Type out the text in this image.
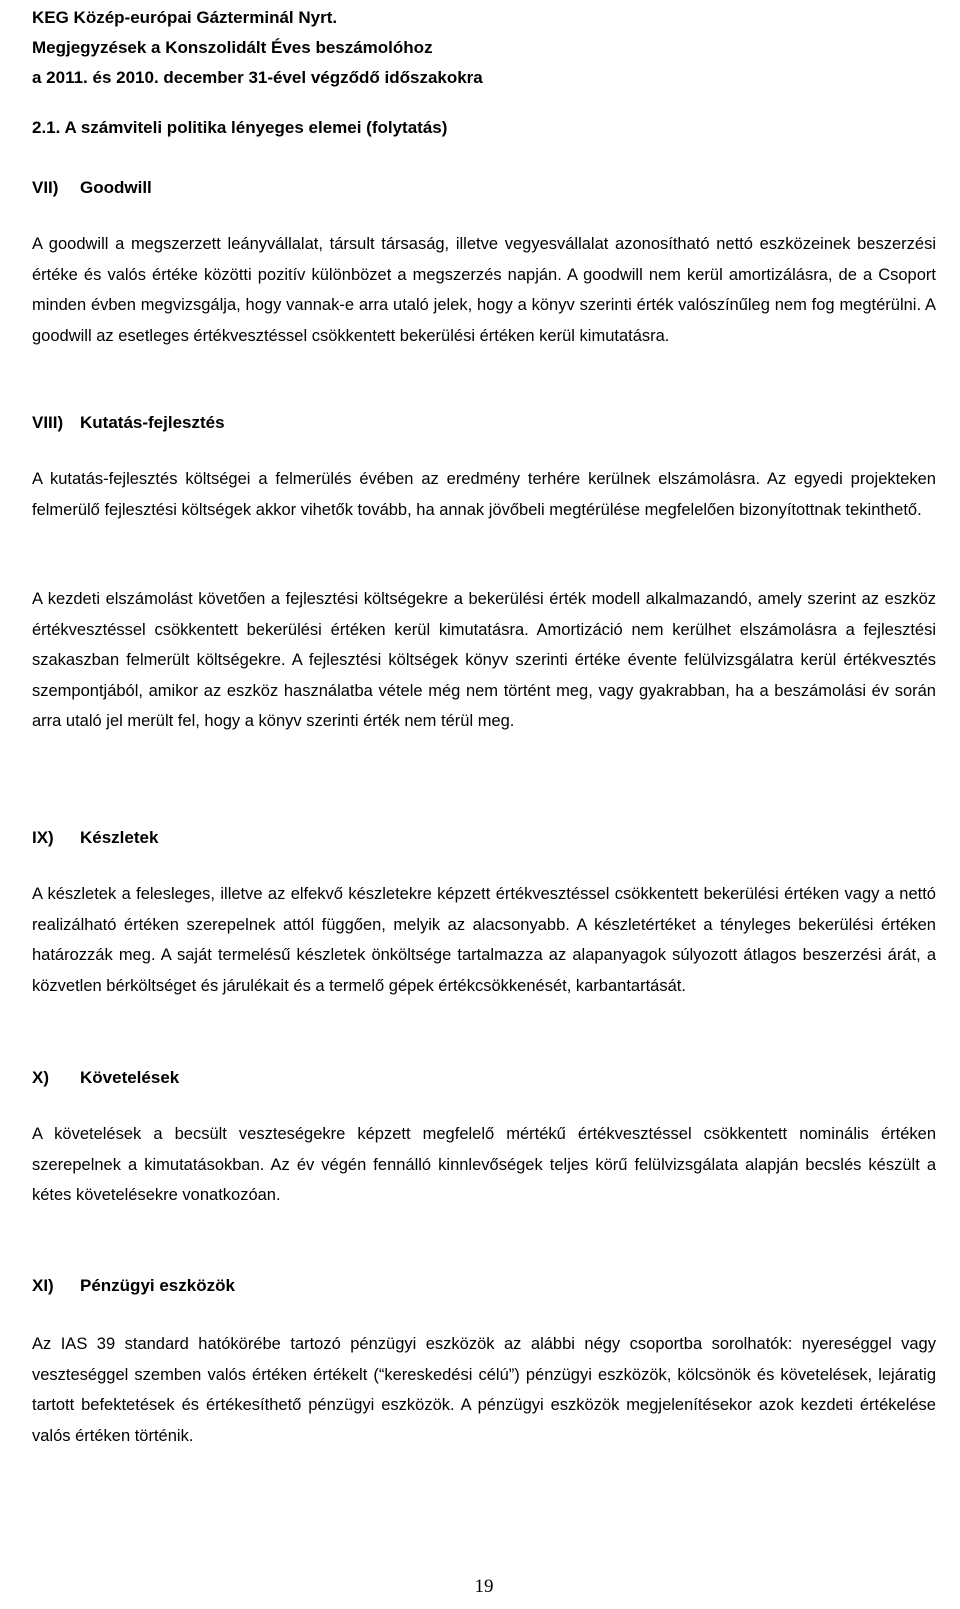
KEG Közép-európai Gázterminál Nyrt.
Megjegyzések a Konszolidált Éves beszámolóhoz
a 2011. és 2010. december 31-ével végződő időszakokra
2.1. A számviteli politika lényeges elemei (folytatás)
VII) Goodwill

A goodwill a megszerzett leányvállalat, társult társaság, illetve vegyesvállalat azonosítható nettó eszközeinek beszerzési értéke és valós értéke közötti pozitív különbözet a megszerzés napján. A goodwill nem kerül amortizálásra, de a Csoport minden évben megvizsgálja, hogy vannak-e arra utaló jelek, hogy a könyv szerinti érték valószínűleg nem fog megtérülni. A goodwill az esetleges értékvesztéssel csökkentett bekerülési értéken kerül kimutatásra.

VIII) Kutatás-fejlesztés

A kutatás-fejlesztés költségei a felmerülés évében az eredmény terhére kerülnek elszámolásra. Az egyedi projekteken felmerülő fejlesztési költségek akkor vihetők tovább, ha annak jövőbeli megtérülése megfelelően bizonyítottnak tekinthető.

A kezdeti elszámolást követően a fejlesztési költségekre a bekerülési érték modell alkalmazandó, amely szerint az eszköz értékvesztéssel csökkentett bekerülési értéken kerül kimutatásra. Amortizáció nem kerülhet elszámolásra a fejlesztési szakaszban felmerült költségekre. A fejlesztési költségek könyv szerinti értéke évente felülvizsgálatra kerül értékvesztés szempontjából, amikor az eszköz használatba vétele még nem történt meg, vagy gyakrabban, ha a beszámolási év során arra utaló jel merült fel, hogy a könyv szerinti érték nem térül meg.

IX) Készletek

A készletek a felesleges, illetve az elfekvő készletekre képzett értékvesztéssel csökkentett bekerülési értéken vagy a nettó realizálható értéken szerepelnek attól függően, melyik az alacsonyabb. A készletértéket a tényleges bekerülési értéken határozzák meg. A saját termelésű készletek önköltsége tartalmazza az alapanyagok súlyozott átlagos beszerzési árát, a közvetlen bérköltséget és járulékait és a termelő gépek értékcsökkenését, karbantartását.

X) Követelések

A követelések a becsült veszteségekre képzett megfelelő mértékű értékvesztéssel csökkentett nominális értéken szerepelnek a kimutatásokban. Az év végén fennálló kinnlevőségek teljes körű felülvizsgálata alapján becslés készült a kétes követelésekre vonatkozóan.

XI) Pénzügyi eszközök

Az IAS 39 standard hatókörébe tartozó pénzügyi eszközök az alábbi négy csoportba sorolhatók: nyereséggel vagy veszteséggel szemben valós értéken értékelt (“kereskedési célú”) pénzügyi eszközök, kölcsönök és követelések, lejáratig tartott befektetések és értékesíthető pénzügyi eszközök. A pénzügyi eszközök megjelenítésekor azok kezdeti értékelése valós értéken történik.

19
